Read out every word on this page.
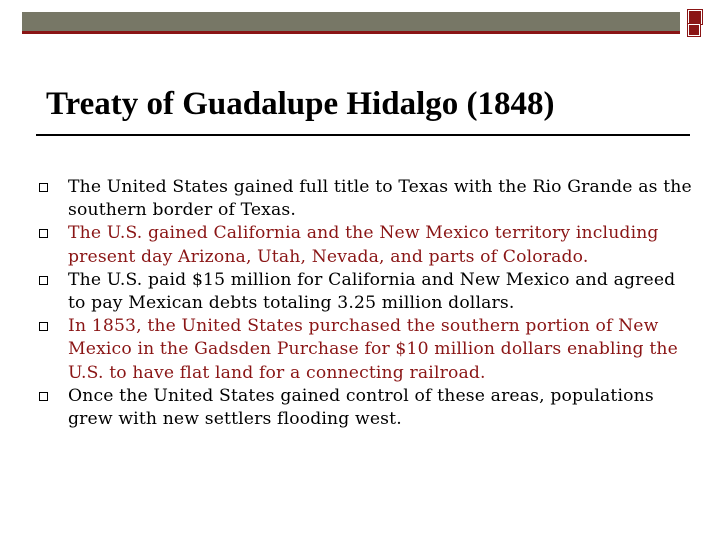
Treaty of Guadalupe Hidalgo (1848)
The United States gained full title to Texas with the Rio Grande as the southern border of Texas.
The U.S. gained California and the New Mexico territory including present day Arizona, Utah, Nevada, and parts of Colorado.
The U.S. paid $15 million for California and New Mexico and agreed to pay Mexican debts totaling 3.25 million dollars.
In 1853, the United States purchased the southern portion of New Mexico in the Gadsden Purchase for $10 million dollars enabling the U.S. to have flat land for a connecting railroad.
Once the United States gained control of these areas, populations grew with new settlers flooding west.
